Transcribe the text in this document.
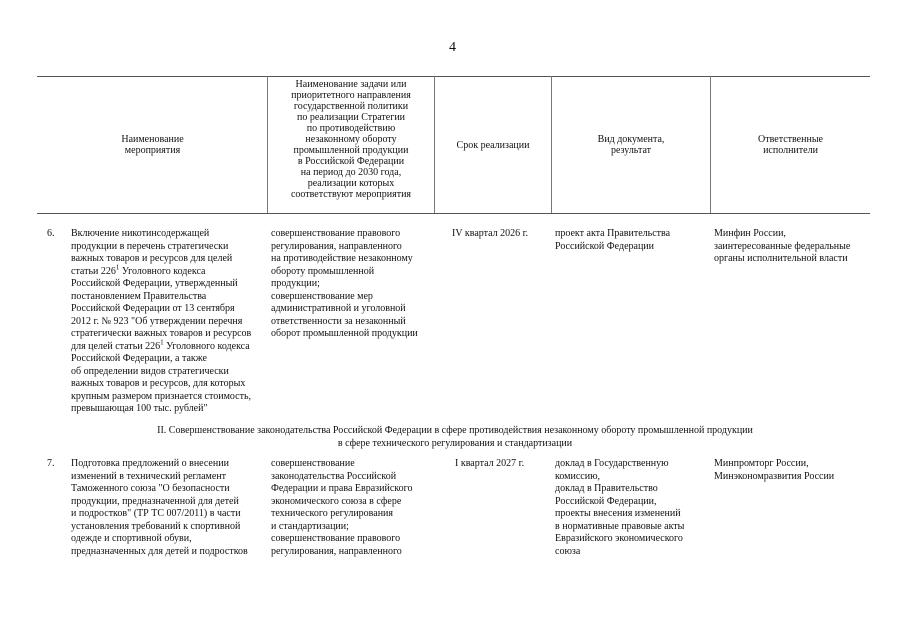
4
Наименование
мероприятия
Наименование задачи или
приоритетного направления
государственной политики
по реализации Стратегии
по противодействию
незаконному обороту
промышленной продукции
в Российской Федерации
на период до 2030 года,
реализации которых
соответствуют мероприятия
Срок реализации
Вид документа,
результат
Ответственные
исполнители
6. Включение никотинсодержащей
продукции в перечень стратегически
важных товаров и ресурсов для целей
статьи $226^1$ Уголовного кодекса
Российской Федерации, утвержденный
постановлением Правительства
Российской Федерации от 13 сентября
2012 г. № 923 "Об утверждении перечня
стратегически важных товаров и ресурсов
для целей статьи $226^1$ Уголовного кодекса
Российской Федерации, а также
об определении видов стратегически
важных товаров и ресурсов, для которых
крупным размером признается стоимость,
превышающая 100 тыс. рублей"
совершенствование правового
регулирования, направленного
на противодействие незаконному
обороту промышленной
продукции;
совершенствование мер
административной и уголовной
ответственности за незаконный
оборот промышленной продукции
IV квартал 2026 г.	проект акта Правительства
Российской Федерации
Минфин России,
заинтересованные федеральные
органы исполнительной власти
II. Совершенствование законодательства Российской Федерации в сфере противодействия незаконному обороту промышленной продукции
в сфере технического регулирования и стандартизации
7. Подготовка предложений о внесении
изменений в технический регламент
Таможенного союза "О безопасности
продукции, предназначенной для детей
и подростков" (ТР ТС 007/2011) в части
установления требований к спортивной
одежде и спортивной обуви,
предназначенных для детей и подростков
совершенствование
законодательства Российской
Федерации и права Евразийского
экономического союза в сфере
технического регулирования
и стандартизации;
совершенствование правового
регулирования, направленного
I квартал 2027 г.	доклад в Государственную
комиссию,
доклад в Правительство
Российской Федерации,
проекты внесения изменений
в нормативные правовые акты
Евразийского экономического
союза
Минпромторг России,
Минэкономразвития России
